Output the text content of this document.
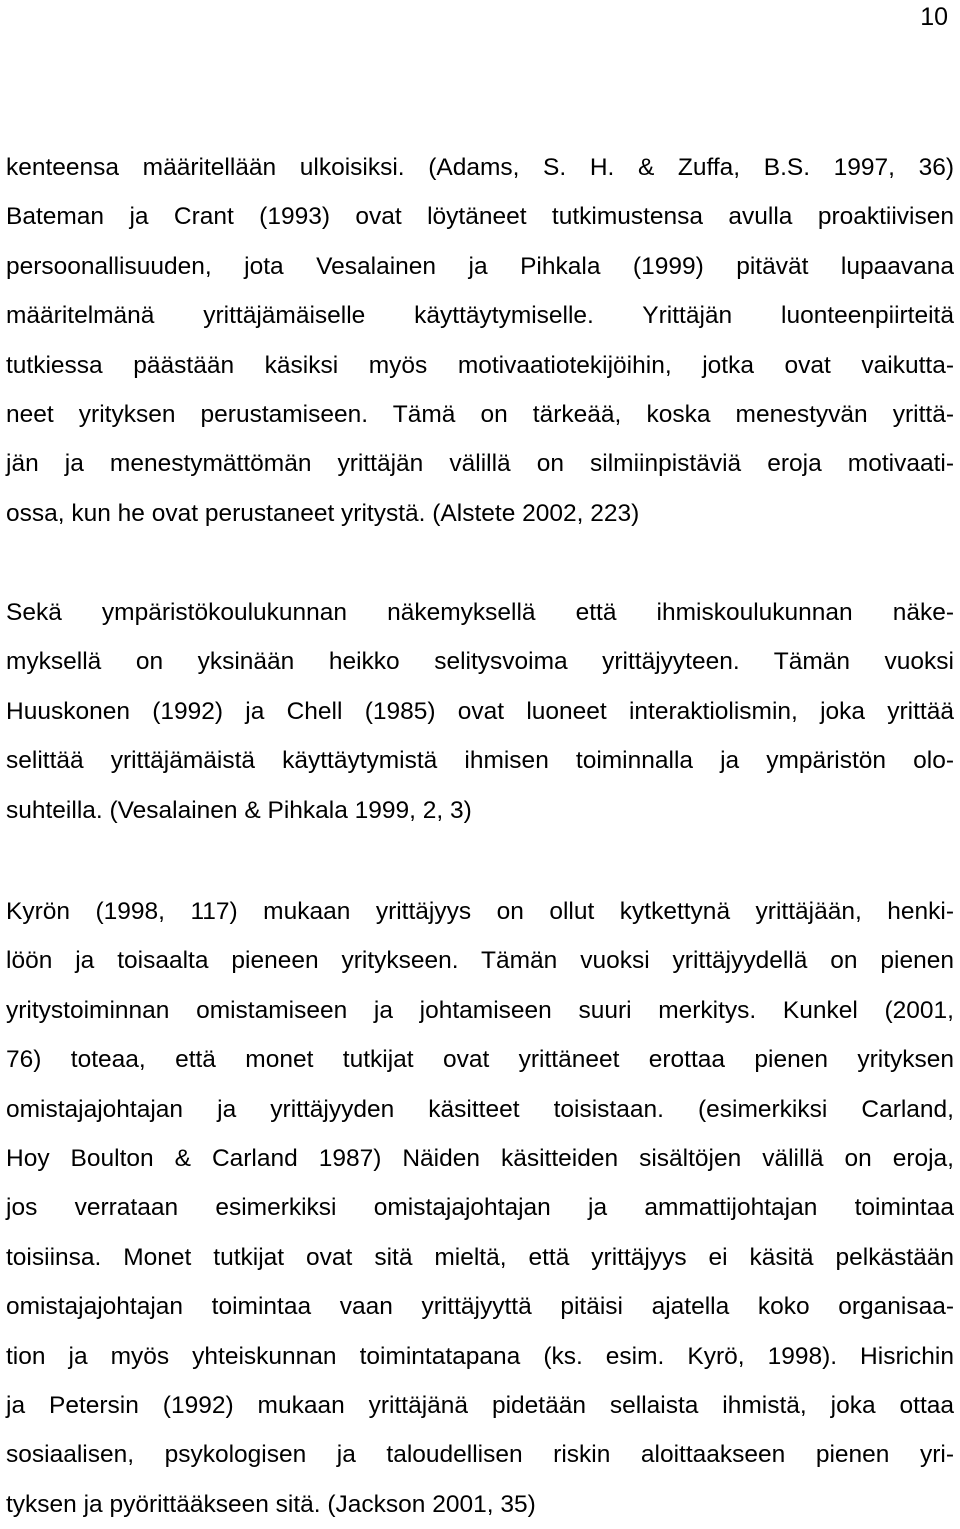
10
kenteensa määritellään ulkoisiksi. (Adams, S. H. & Zuffa, B.S. 1997, 36)
Bateman ja Crant (1993) ovat löytäneet tutkimustensa avulla proaktiivisen
persoonallisuuden, jota Vesalainen ja Pihkala (1999) pitävät lupaavana
määritelmänä yrittäjämäiselle käyttäytymiselle. Yrittäjän luonteenpiirteitä
tutkiessa päästään käsiksi myös motivaatiotekijöihin, jotka ovat vaikutta-
neet yrityksen perustamiseen. Tämä on tärkeää, koska menestyvän yrittä-
jän ja menestymättömän yrittäjän välillä on silmiinpistäviä eroja motivaati-
ossa, kun he ovat perustaneet yritystä. (Alstete 2002, 223)
Sekä ympäristökoulukunnan näkemyksellä että ihmiskoulukunnan näke-
myksellä on yksinään heikko selitysvoima yrittäjyyteen. Tämän vuoksi
Huuskonen (1992) ja Chell (1985) ovat luoneet interaktiolismin, joka yrittää
selittää yrittäjämäistä käyttäytymistä ihmisen toiminnalla ja ympäristön olo-
suhteilla. (Vesalainen & Pihkala 1999, 2, 3)
Kyrön (1998, 117) mukaan yrittäjyys on ollut kytkettynä yrittäjään, henki-
löön ja toisaalta pieneen yritykseen. Tämän vuoksi yrittäjyydellä on pienen
yritystoiminnan omistamiseen ja johtamiseen suuri merkitys. Kunkel (2001,
76) toteaa, että monet tutkijat ovat yrittäneet erottaa pienen yrityksen
omistajajohtajan ja yrittäjyyden käsitteet toisistaan. (esimerkiksi Carland,
Hoy Boulton & Carland 1987) Näiden käsitteiden sisältöjen välillä on eroja,
jos verrataan esimerkiksi omistajajohtajan ja ammattijohtajan toimintaa
toisiinsa. Monet tutkijat ovat sitä mieltä, että yrittäjyys ei käsitä pelkästään
omistajajohtajan toimintaa vaan yrittäjyyttä pitäisi ajatella koko organisaa-
tion ja myös yhteiskunnan toimintatapana (ks. esim. Kyrö, 1998). Hisrichin
ja Petersin (1992) mukaan yrittäjänä pidetään sellaista ihmistä, joka ottaa
sosiaalisen, psykologisen ja taloudellisen riskin aloittaakseen pienen yri-
tyksen ja pyörittääkseen sitä. (Jackson 2001, 35)
